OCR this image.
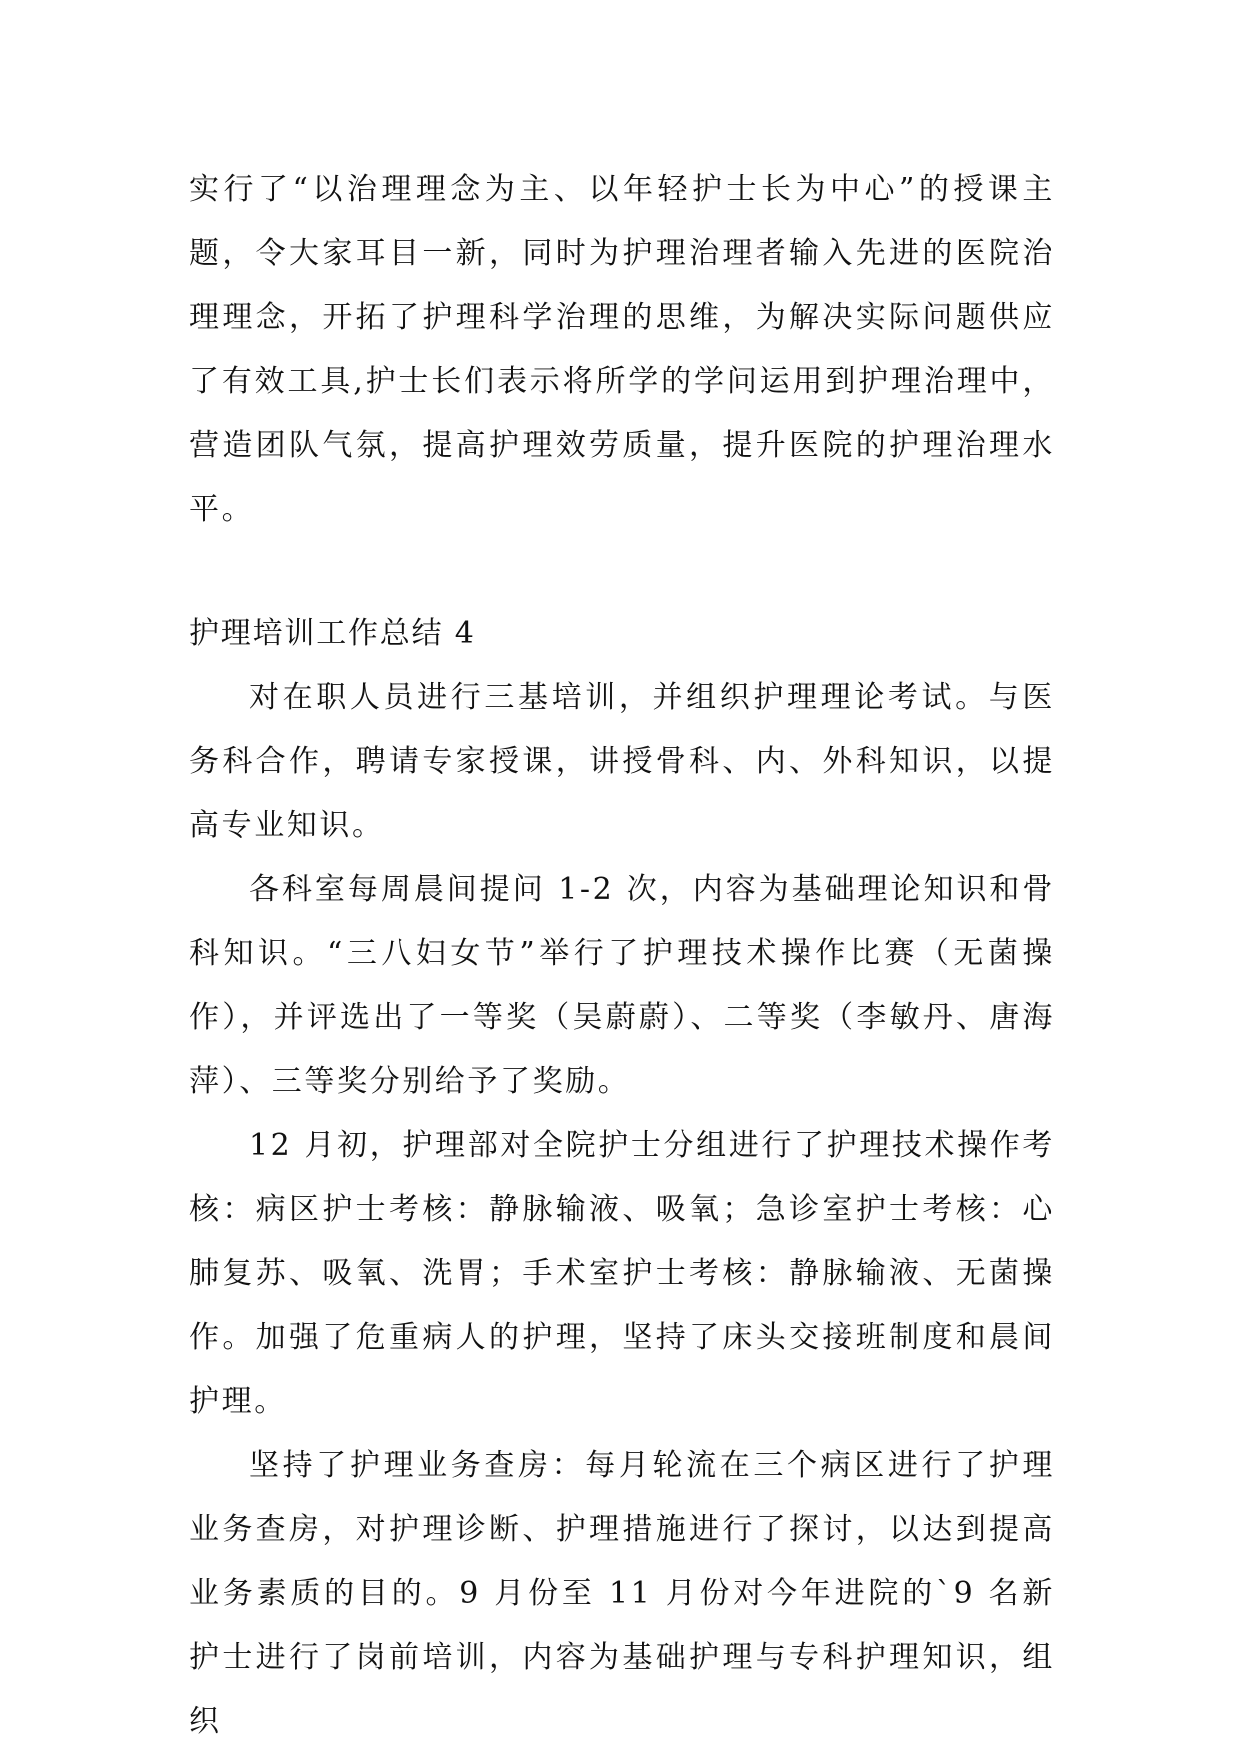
实行了“以治理理念为主、以年轻护士长为中心”的授课主题，令大家耳目一新，同时为护理治理者输入先进的医院治理理念，开拓了护理科学治理的思维，为解决实际问题供应了有效工具,护士长们表示将所学的学问运用到护理治理中，营造团队气氛，提高护理效劳质量，提升医院的护理治理水平。

护理培训工作总结 4

对在职人员进行三基培训，并组织护理理论考试。与医务科合作，聘请专家授课，讲授骨科、内、外科知识，以提高专业知识。

各科室每周晨间提问 1-2 次，内容为基础理论知识和骨科知识。“三八妇女节”举行了护理技术操作比赛（无菌操作），并评选出了一等奖（吴蔚蔚）、二等奖（李敏丹、唐海萍）、三等奖分别给予了奖励。

12 月初，护理部对全院护士分组进行了护理技术操作考核：病区护士考核：静脉输液、吸氧；急诊室护士考核：心肺复苏、吸氧、洗胃；手术室护士考核：静脉输液、无菌操作。加强了危重病人的护理，坚持了床头交接班制度和晨间护理。

坚持了护理业务查房：每月轮流在三个病区进行了护理业务查房，对护理诊断、护理措施进行了探讨，以达到提高业务素质的目的。9 月份至 11 月份对今年进院的`9 名新护士进行了岗前培训，内容为基础护理与专科护理知识，组织
